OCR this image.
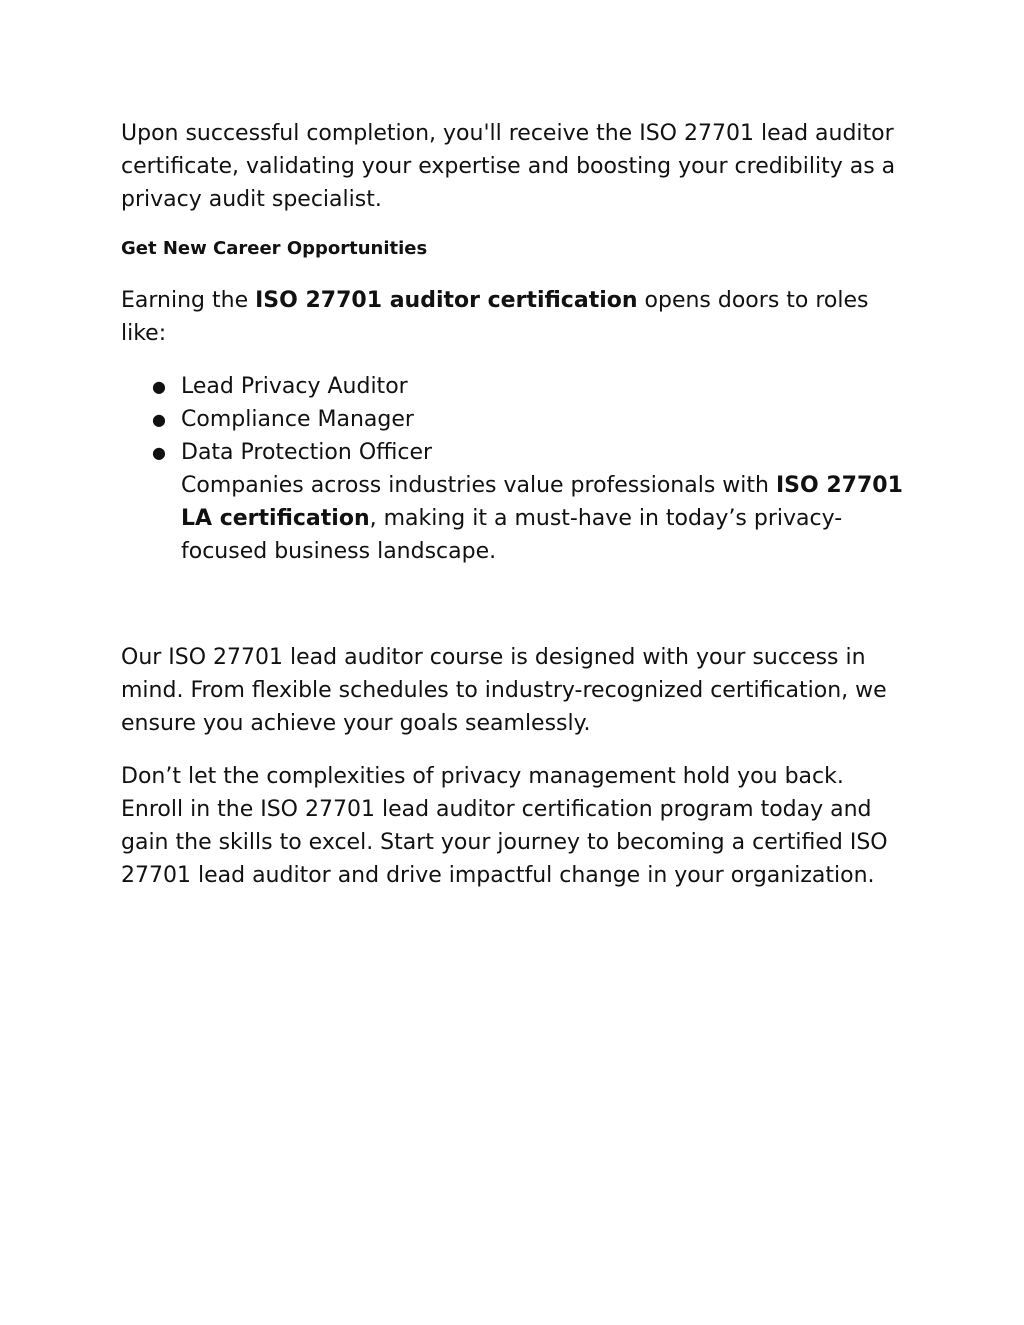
Upon successful completion, you'll receive the ISO 27701 lead auditor certificate, validating your expertise and boosting your credibility as a privacy audit specialist.

Get New Career Opportunities

Earning the ISO 27701 auditor certification opens doors to roles like:

● Lead Privacy Auditor
● Compliance Manager
● Data Protection Officer

Companies across industries value professionals with ISO 27701 LA certification, making it a must-have in today’s privacy-focused business landscape.

Our ISO 27701 lead auditor course is designed with your success in mind. From flexible schedules to industry-recognized certification, we ensure you achieve your goals seamlessly.

Don’t let the complexities of privacy management hold you back. Enroll in the ISO 27701 lead auditor certification program today and gain the skills to excel. Start your journey to becoming a certified ISO 27701 lead auditor and drive impactful change in your organization.
